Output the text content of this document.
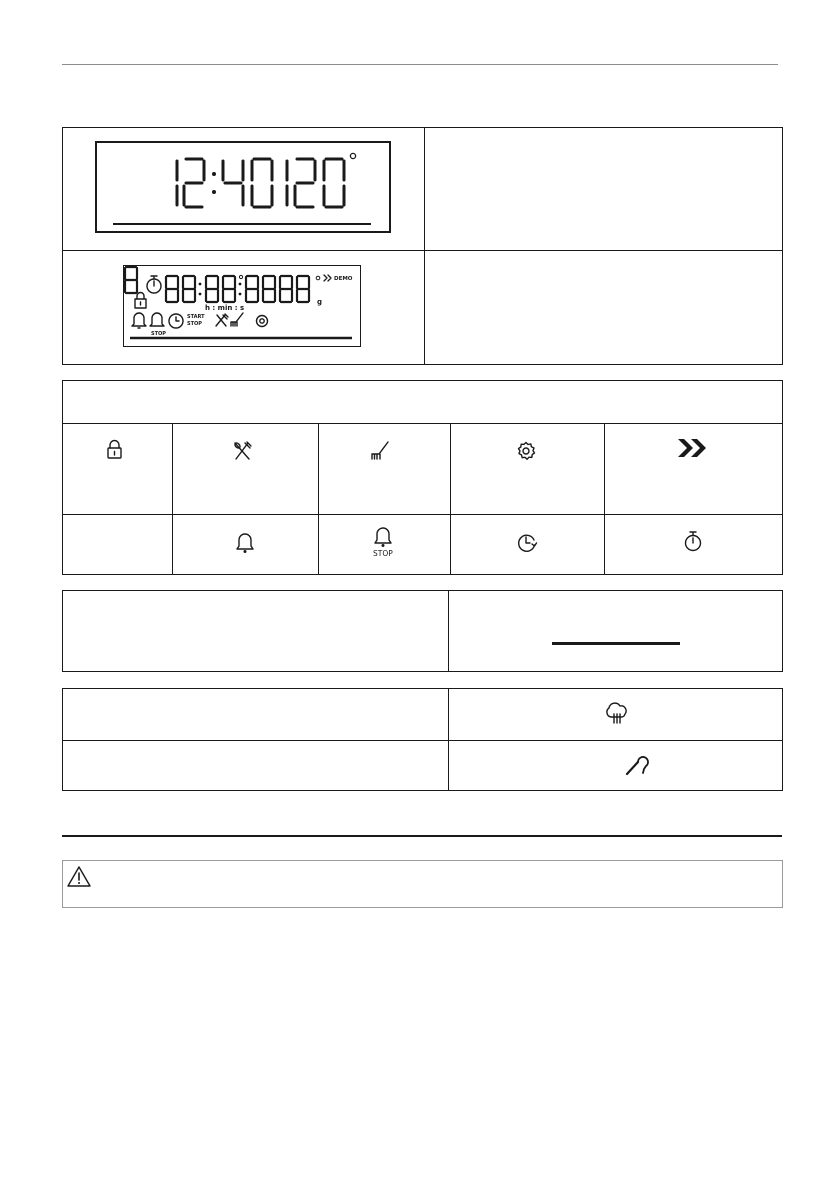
g
DEMO
h : min : s
STOP
START
STOP
STOP
